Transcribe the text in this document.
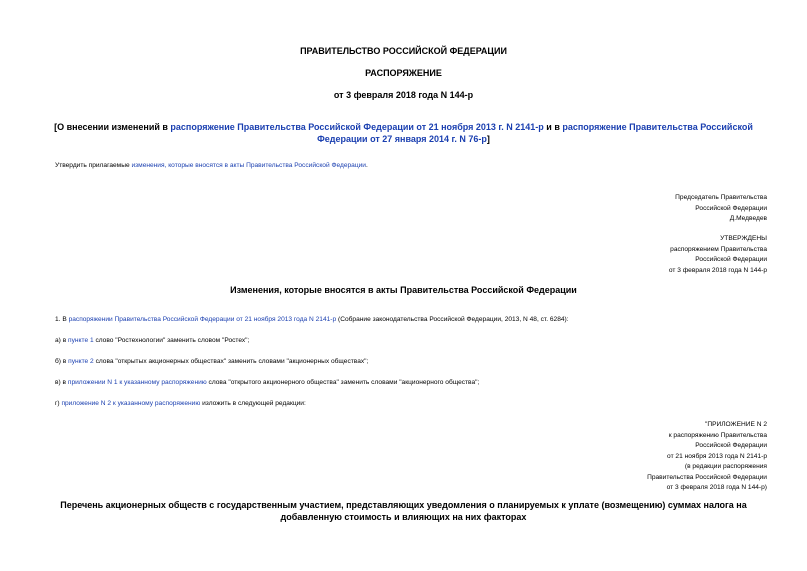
ПРАВИТЕЛЬСТВО РОССИЙСКОЙ ФЕДЕРАЦИИ
РАСПОРЯЖЕНИЕ
от 3 февраля 2018 года N 144-р
[О внесении изменений в распоряжение Правительства Российской Федерации от 21 ноября 2013 г. N 2141-р и в распоряжение Правительства Российской Федерации от 27 января 2014 г. N 76-р]
Утвердить прилагаемые изменения, которые вносятся в акты Правительства Российской Федерации.
Председатель Правительства
Российской Федерации
Д.Медведев
УТВЕРЖДЕНЫ
распоряжением Правительства
Российской Федерации
от 3 февраля 2018 года N 144-р
Изменения, которые вносятся в акты Правительства Российской Федерации
1. В распоряжении Правительства Российской Федерации от 21 ноября 2013 года N 2141-р (Собрание законодательства Российской Федерации, 2013, N 48, ст. 6284):
а) в пункте 1 слово "Ростехнологии" заменить словом "Ростех";
б) в пункте 2 слова "открытых акционерных обществах" заменить словами "акционерных обществах";
в) в приложении N 1 к указанному распоряжению слова "открытого акционерного общества" заменить словами "акционерного общества";
г) приложение N 2 к указанному распоряжению изложить в следующей редакции:
"ПРИЛОЖЕНИЕ N 2
к распоряжению Правительства
Российской Федерации
от 21 ноября 2013 года N 2141-р
(в редакции распоряжения
Правительства Российской Федерации
от 3 февраля 2018 года N 144-р)
Перечень акционерных обществ с государственным участием, представляющих уведомления о планируемых к уплате (возмещению) суммах налога на добавленную стоимость и влияющих на них факторах
